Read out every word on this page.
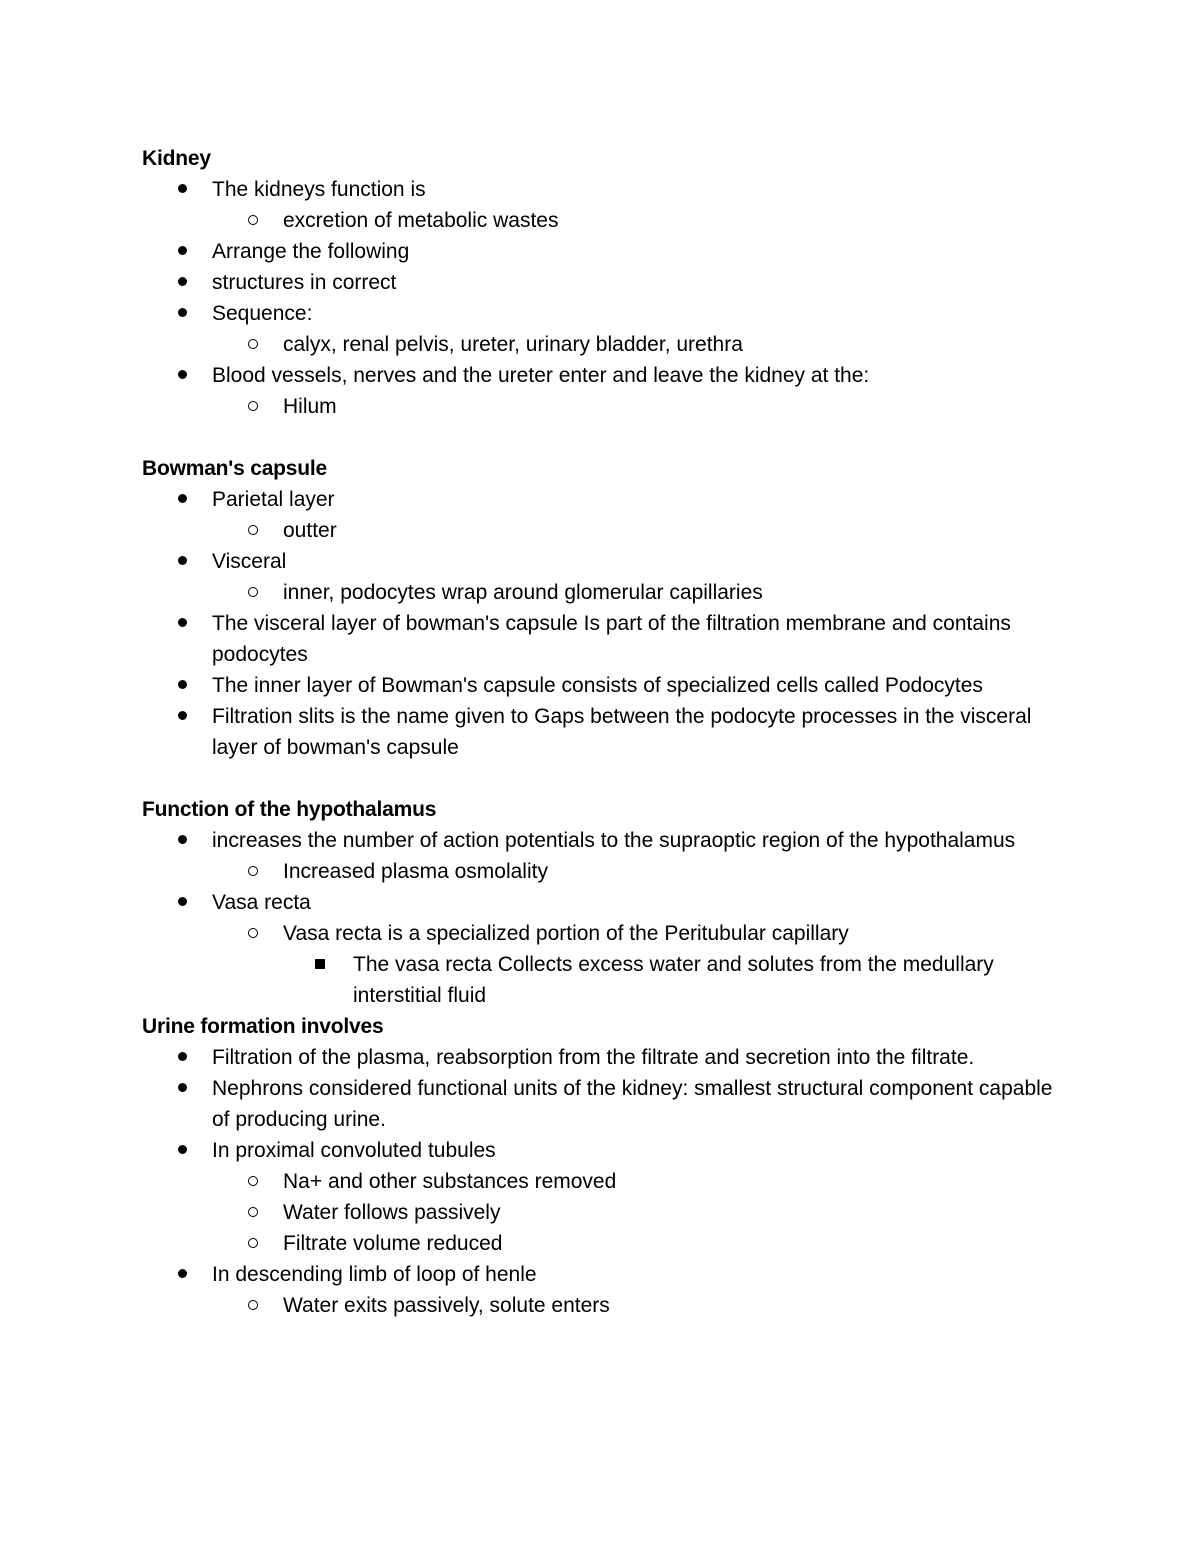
Kidney
The kidneys function is
excretion of metabolic wastes
Arrange the following
structures in correct
Sequence:
calyx, renal pelvis, ureter, urinary bladder, urethra
Blood vessels, nerves and the ureter enter and leave the kidney at the:
Hilum
Bowman's capsule
Parietal layer
outter
Visceral
inner, podocytes wrap around glomerular capillaries
The visceral layer of bowman's capsule Is part of the filtration membrane and contains podocytes
The inner layer of Bowman's capsule consists of specialized cells called Podocytes
Filtration slits is the name given to Gaps between the podocyte processes in the visceral layer of bowman's capsule
Function of the hypothalamus
increases the number of action potentials to the supraoptic region of the hypothalamus
Increased plasma osmolality
Vasa recta
Vasa recta is a specialized portion of the Peritubular capillary
The vasa recta Collects excess water and solutes from the medullary interstitial fluid
Urine formation involves
Filtration of the plasma, reabsorption from the filtrate and secretion into the filtrate.
Nephrons considered functional units of the kidney: smallest structural component capable of producing urine.
In proximal convoluted tubules
Na+ and other substances removed
Water follows passively
Filtrate volume reduced
In descending limb of loop of henle
Water exits passively, solute enters
